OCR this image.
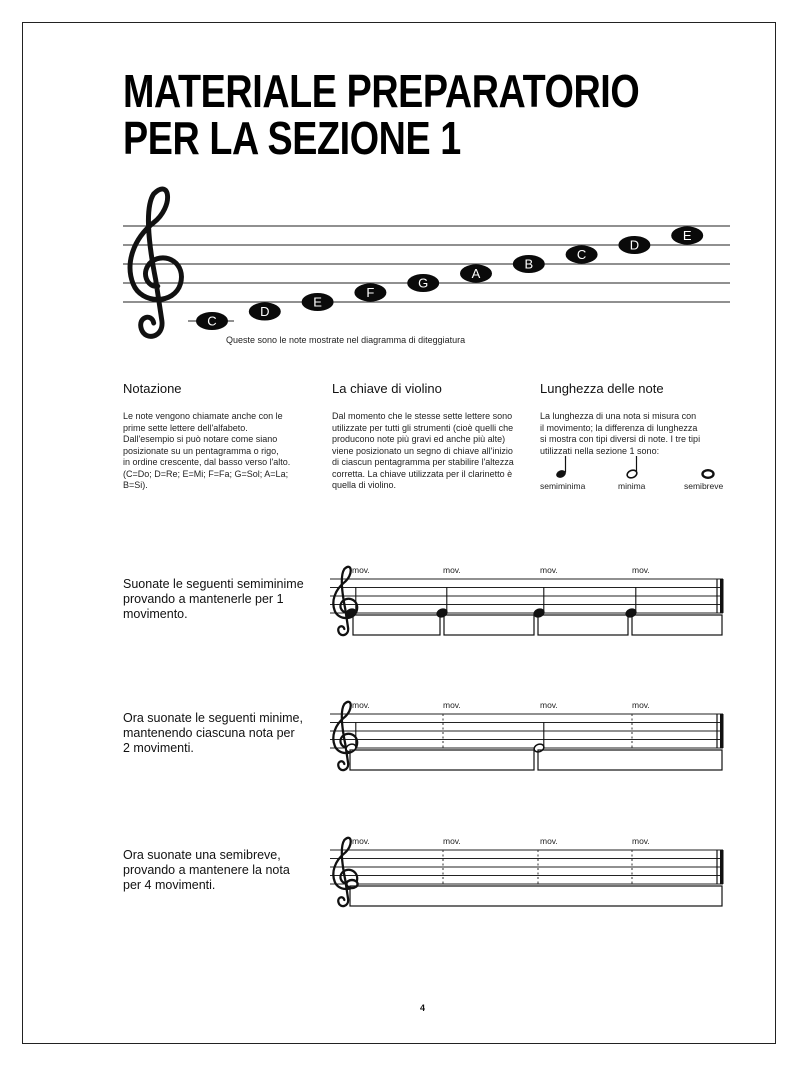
MATERIALE PREPARATORIO
PER LA SEZIONE 1
C
D
E
F
G
A
B
C
D
E
Queste sono le note mostrate nel diagramma di diteggiatura
Notazione

Le note vengono chiamate anche con le
prime sette lettere dell'alfabeto.
Dall'esempio si può notare come siano
posizionate su un pentagramma o rigo,
in ordine crescente, dal basso verso l'alto.
(C=Do; D=Re; E=Mi; F=Fa; G=Sol; A=La;
B=Si).

La chiave di violino

Dal momento che le stesse sette lettere sono
utilizzate per tutti gli strumenti (cioè quelli che
producono note più gravi ed anche più alte)
viene posizionato un segno di chiave all'inizio
di ciascun pentagramma per stabilire l'altezza
corretta. La chiave utilizzata per il clarinetto è
quella di violino.

Lunghezza delle note

La lunghezza di una nota si misura con
il movimento; la differenza di lunghezza
si mostra con tipi diversi di note. I tre tipi
utilizzati nella sezione 1 sono:

semiminima	minima	semibreve
Suonate le seguenti semiminime
provando a mantenerle per 1
movimento.
mov.	mov.	mov.	mov.
Ora suonate le seguenti minime,
mantenendo ciascuna nota per
2 movimenti.
mov.	mov.	mov.	mov.
Ora suonate una semibreve,
provando a mantenere la nota
per 4 movimenti.
mov.	mov.	mov.	mov.
4
